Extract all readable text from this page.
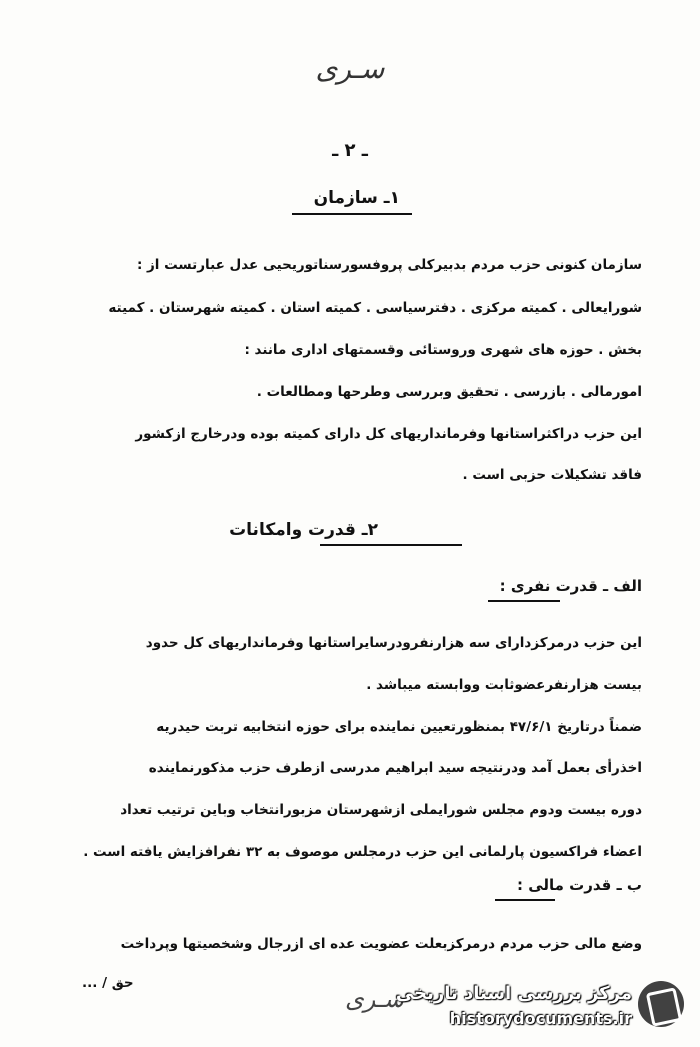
سـری
ـ ۲ ـ
۱ـ سازمان
سازمان کنونی حزب مردم بدبیرکلی پروفسورسناتوریحیی عدل عبارتست از :
شورایعالی . کمیته مرکزی . دفترسیاسی . کمیته استان . کمیته شهرستان . کمیته
بخش . حوزه های شهری وروستائی وقسمتهای اداری مانند :
امورمالی . بازرسی . تحقیق وبررسی وطرحها ومطالعات .
این حزب دراکثراستانها وفرمانداریهای کل دارای کمیته بوده ودرخارج ازکشور
فاقد تشکیلات حزبی است .
۲ـ قدرت وامکانات
الف ـ قدرت نفری :
این حزب درمرکزدارای سه هزارنفرودرسایراستانها وفرمانداریهای کل حدود
بیست هزارنفرعضوثابت ووابسته میباشد .
ضمناً درتاریخ ۴۷/۶/۱ بمنظورتعیین نماینده برای حوزه انتخابیه تربت حیدریه
اخذرأی بعمل آمد ودرنتیجه سید ابراهیم مدرسی ازطرف حزب مذکورنماینده
دوره بیست ودوم مجلس شورایملی ازشهرستان مزبورانتخاب وباین ترتیب تعداد
اعضاء فراکسیون پارلمانی این حزب درمجلس موصوف به ۳۲ نفرافزایش یافته است .
ب ـ قدرت مالی :
وضع مالی حزب مردم درمرکزبعلت عضویت عده ای ازرجال وشخصیتها وپرداخت
حق / ...
سـری
مرکز بررسی اسناد تاریخی
historydocuments.ir
